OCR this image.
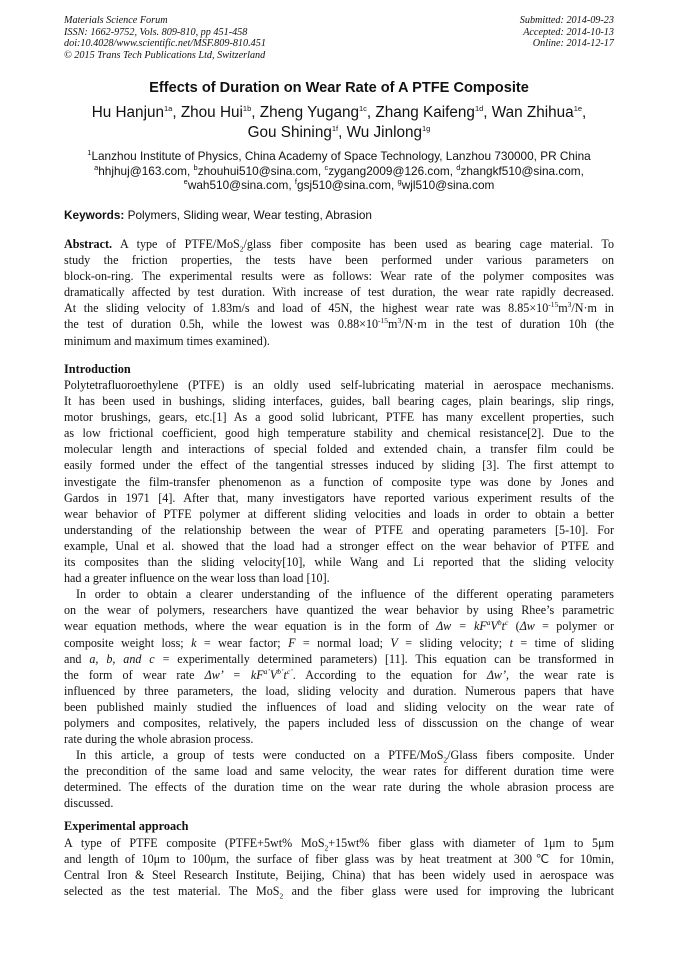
Materials Science Forum
ISSN: 1662-9752, Vols. 809-810, pp 451-458
doi:10.4028/www.scientific.net/MSF.809-810.451
© 2015 Trans Tech Publications Ltd, Switzerland
Submitted: 2014-09-23
Accepted: 2014-10-13
Online: 2014-12-17
Effects of Duration on Wear Rate of A PTFE Composite
Hu Hanjun$^{1a}$, Zhou Hui$^{1b}$, Zheng Yugang$^{1c}$, Zhang Kaifeng$^{1d}$, Wan Zhihua$^{1e}$,
Gou Shining$^{1f}$, Wu Jinlong$^{1g}$
$^1$Lanzhou Institute of Physics, China Academy of Space Technology, Lanzhou 730000, PR China
$^a$hhjhuj@163.com, $^b$zhouhui510@sina.com, $^c$zygang2009@126.com, $^d$zhangkf510@sina.com,
$^e$wah510@sina.com, $^f$gsj510@sina.com, $^g$wjl510@sina.com
Keywords: Polymers, Sliding wear, Wear testing, Abrasion
Abstract. A type of PTFE/MoS$_2$/glass fiber composite has been used as bearing cage material. To
study the friction properties, the tests have been performed under various parameters on
block-on-ring. The experimental results were as follows: Wear rate of the polymer composites was
dramatically affected by test duration. With increase of test duration, the wear rate rapidly decreased.
At the sliding velocity of 1.83m/s and load of 45N, the highest wear rate was $8.85\times 10^{-15}m^3/N\cdot m$ in
the test of duration 0.5h, while the lowest was $0.88\times 10^{-15}m^3/N\cdot m$ in the test of duration 10h (the
minimum and maximum times examined).
Introduction
Polytetrafluoroethylene (PTFE) is an oldly used self-lubricating material in aerospace mechanisms.
It has been used in bushings, sliding interfaces, guides, ball bearing cages, plain bearings, slip rings,
motor brushings, gears, etc.[1] As a good solid lubricant, PTFE has many excellent properties, such
as low frictional coefficient, good high temperature stability and chemical resistance[2]. Due to the
molecular length and interactions of special folded and extended chain, a transfer film could be
easily formed under the effect of the tangential stresses induced by sliding [3]. The first attempt to
investigate the film-transfer phenomenon as a function of composite type was done by Jones and
Gardos in 1971 [4]. After that, many investigators have reported various experiment results of the
wear behavior of PTFE polymer at different sliding velocities and loads in order to obtain a better
understanding of the relationship between the wear of PTFE and operating parameters [5-10]. For
example, Unal et al. showed that the load had a stronger effect on the wear behavior of PTFE and
its composites than the sliding velocity[10], while Wang and Li reported that the sliding velocity
had a greater influence on the wear loss than load [10].
In order to obtain a clearer understanding of the influence of the different operating parameters
on the wear of polymers, researchers have quantized the wear behavior by using Rhee’s parametric
wear equation methods, where the wear equation is in the form of $\Delta w = kF^aV^bt^c$ (Δw = polymer or
composite weight loss; k = wear factor; F = normal load; V = sliding velocity; t = time of sliding
and a, b, and c = experimentally determined parameters) [11]. This equation can be transformed in
the form of wear rate Δw’ = $kF^{a’}V^{b’}t^{c’}$. According to the equation for Δw’, the wear rate is
influenced by three parameters, the load, sliding velocity and duration. Numerous papers that have
been published mainly studied the influences of load and sliding velocity on the wear rate of
polymers and composites, relatively, the papers included less of disscussion on the change of wear
rate during the whole abrasion process.
In this article, a group of tests were conducted on a PTFE/MoS$_2$/Glass fibers composite. Under
the precondition of the same load and same velocity, the wear rates for different duration time were
determined. The effects of the duration time on the wear rate during the whole abrasion process are
discussed.
Experimental approach
A type of PTFE composite (PTFE+5wt% MoS$_2$+15wt% fiber glass with diameter of 1μm to 5μm
and length of 10μm to 100μm, the surface of fiber glass was by heat treatment at 300℃ for 10min,
Central Iron & Steel Research Institute, Beijing, China) that has been widely used in aerospace was
selected as the test material. The MoS$_2$ and the fiber glass were used for improving the lubricant
